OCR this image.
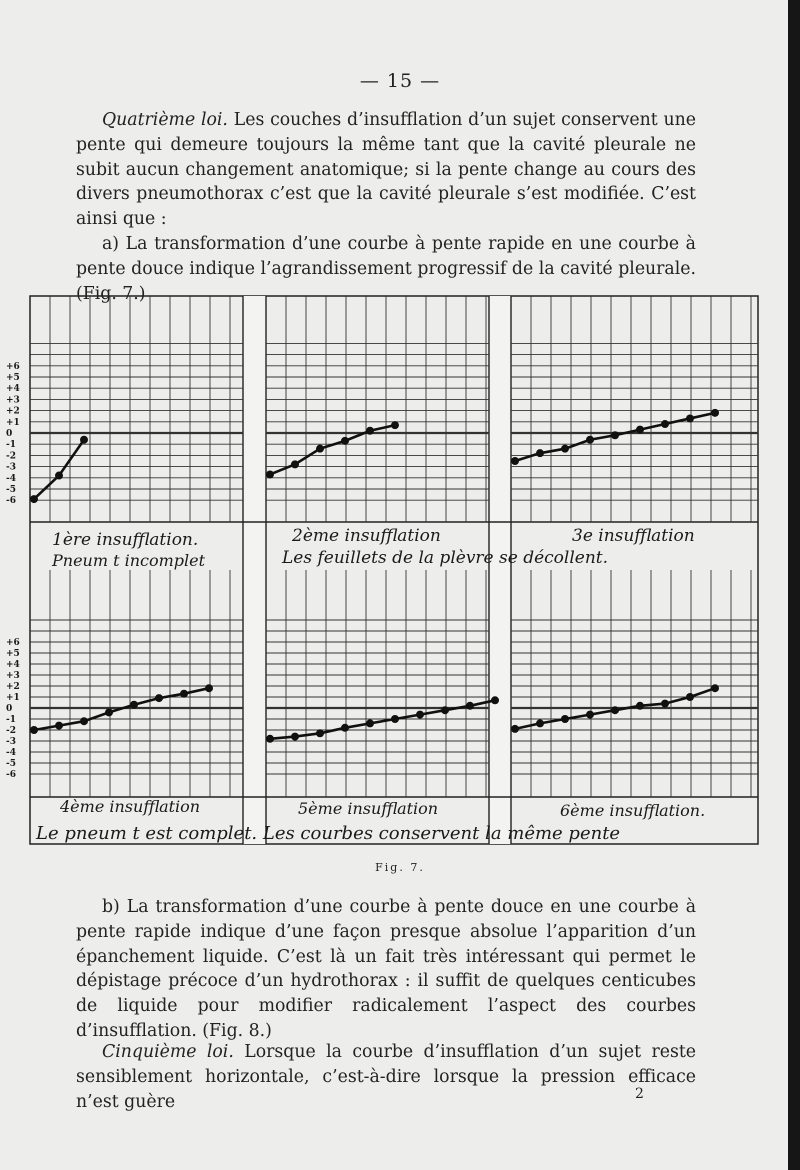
— 15 —

Quatrième loi. Les couches d’insufflation d’un sujet conservent une pente qui demeure toujours la même tant que la cavité pleurale ne subit aucun changement anatomique; si la pente change au cours des divers pneumothorax c’est que la cavité pleurale s’est modifiée. C’est ainsi que :

a) La transformation d’une courbe à pente rapide en une courbe à pente douce indique l’agrandissement progressif de la cavité pleurale. (Fig. 7.)

+6
+5
+4
+3
+2
+1
0
-1
-2
-3
-4
-5
-6
+6
+5
+4
+3
+2
+1
0
-1
-2
-3
-4
-5
-6
1ère insufflation.	2ème insufflation	3e insufflation
Pneum t incomplet	Les feuillets de la plèvre se décollent.
4ème insufflation	5ème insufflation	6ème insufflation.
Le pneum t est complet. Les courbes conservent la même pente
Fig. 7.

b) La transformation d’une courbe à pente douce en une courbe à pente rapide indique d’une façon presque absolue l’apparition d’un épanchement liquide. C’est là un fait très intéressant qui permet le dépistage précoce d’un hydrothorax : il suffit de quelques centicubes de liquide pour modifier radicalement l’aspect des courbes d’insufflation. (Fig. 8.)

Cinquième loi. Lorsque la courbe d’insufflation d’un sujet reste sensiblement horizontale, c’est-à-dire lorsque la pression efficace n’est guère	2
